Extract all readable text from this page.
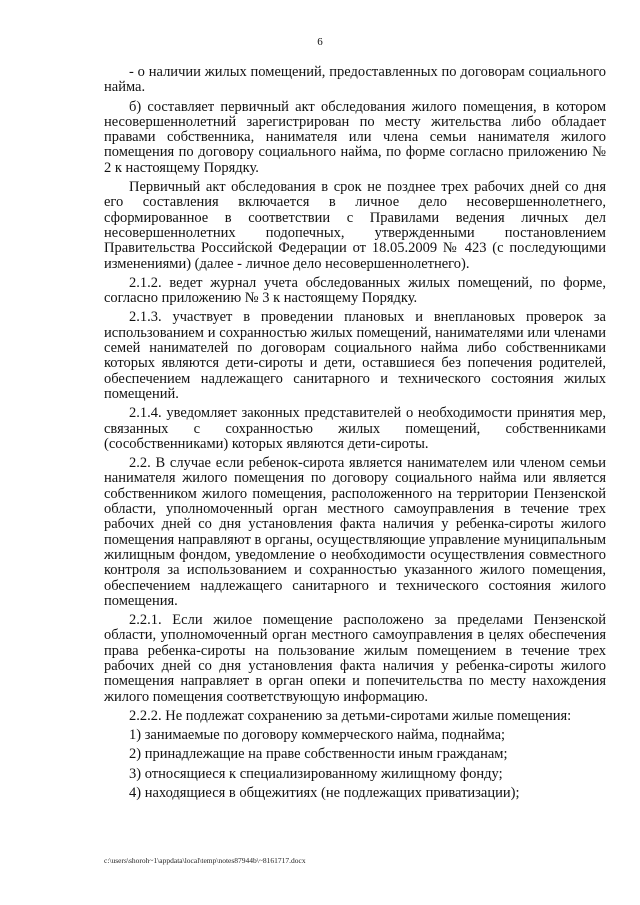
6

- о наличии жилых помещений, предоставленных по договорам социального найма.

б) составляет первичный акт обследования жилого помещения, в котором несовершеннолетний зарегистрирован по месту жительства либо обладает правами собственника, нанимателя или члена семьи нанимателя жилого помещения по договору социального найма, по форме согласно приложению № 2 к настоящему Порядку.

Первичный акт обследования в срок не позднее трех рабочих дней со дня его составления включается в личное дело несовершеннолетнего, сформированное в соответствии с Правилами ведения личных дел несовершеннолетних подопечных, утвержденными постановлением Правительства Российской Федерации от 18.05.2009 № 423 (с последующими изменениями) (далее - личное дело несовершеннолетнего).

2.1.2. ведет журнал учета обследованных жилых помещений, по форме, согласно приложению № 3 к настоящему Порядку.

2.1.3. участвует в проведении плановых и внеплановых проверок за использованием и сохранностью жилых помещений, нанимателями или членами семей нанимателей по договорам социального найма либо собственниками которых являются дети-сироты и дети, оставшиеся без попечения родителей, обеспечением надлежащего санитарного и технического состояния жилых помещений.

2.1.4. уведомляет законных представителей о необходимости принятия мер, связанных с сохранностью жилых помещений, собственниками (сособственниками) которых являются дети-сироты.

2.2. В случае если ребенок-сирота является нанимателем или членом семьи нанимателя жилого помещения по договору социального найма или является собственником жилого помещения, расположенного на территории Пензенской области, уполномоченный орган местного самоуправления в течение трех рабочих дней со дня установления факта наличия у ребенка-сироты жилого помещения направляют в органы, осуществляющие управление муниципальным жилищным фондом, уведомление о необходимости осуществления совместного контроля за использованием и сохранностью указанного жилого помещения, обеспечением надлежащего санитарного и технического состояния жилого помещения.

2.2.1. Если жилое помещение расположено за пределами Пензенской области, уполномоченный орган местного самоуправления в целях обеспечения права ребенка-сироты на пользование жилым помещением в течение трех рабочих дней со дня установления факта наличия у ребенка-сироты жилого помещения направляет в орган опеки и попечительства по месту нахождения жилого помещения соответствующую информацию.

2.2.2. Не подлежат сохранению за детьми-сиротами жилые помещения:

1) занимаемые по договору коммерческого найма, поднайма;

2) принадлежащие на праве собственности иным гражданам;

3) относящиеся к специализированному жилищному фонду;

4) находящиеся в общежитиях (не подлежащих приватизации);

c:\users\shoroh~1\appdata\local\temp\notes87944b\~8161717.docx
